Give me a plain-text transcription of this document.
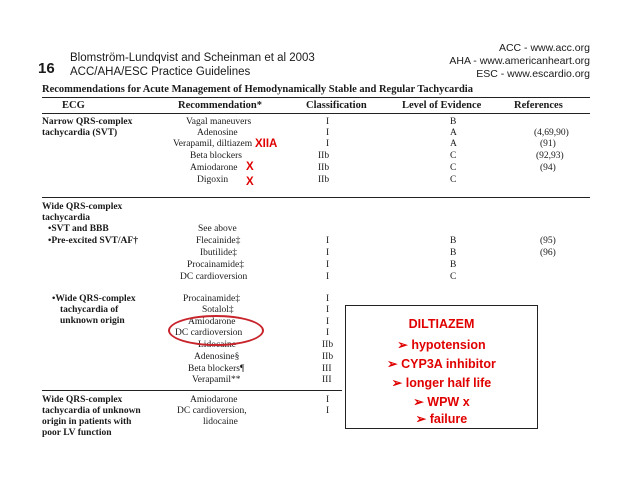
16
Blomström-Lundqvist and Scheinman et al 2003
ACC/AHA/ESC Practice Guidelines
ACC - www.acc.org
AHA - www.americanheart.org
ESC - www.escardio.org
Recommendations for Acute Management of Hemodynamically Stable and Regular Tachycardia
ECG	Recommendation*	Classification	Level of Evidence	References
Narrow QRS-complex
tachycardia (SVT)
Vagal maneuvers	I	B
Adenosine	I	A	(4,69,90)
Verapamil, diltiazem	I	A	(91)
Beta blockers	IIb	C	(92,93)
Amiodarone	IIb	C	(94)
Digoxin	IIb	C
XIIA
X
X
Wide QRS-complex
tachycardia
•SVT and BBB
•Pre-excited SVT/AF†
See above
Flecainide‡	I	B	(95)
Ibutilide‡	I	B	(96)
Procainamide‡	I	B
DC cardioversion	I	C
•Wide QRS-complex
tachycardia of
unknown origin
Procainamide‡	I
Sotalol‡	I
Amiodarone	I
DC cardioversion	I
Lidocaine	IIb
Adenosine§	IIb
Beta blockers¶	III
Verapamil**	III
Wide QRS-complex
tachycardia of unknown
origin in patients with
poor LV function
Amiodarone	I
DC cardioversion,	I
lidocaine
DILTIAZEM
➢ hypotension
➢ CYP3A inhibitor
➢ longer half life
➢ WPW x
➢ failure
